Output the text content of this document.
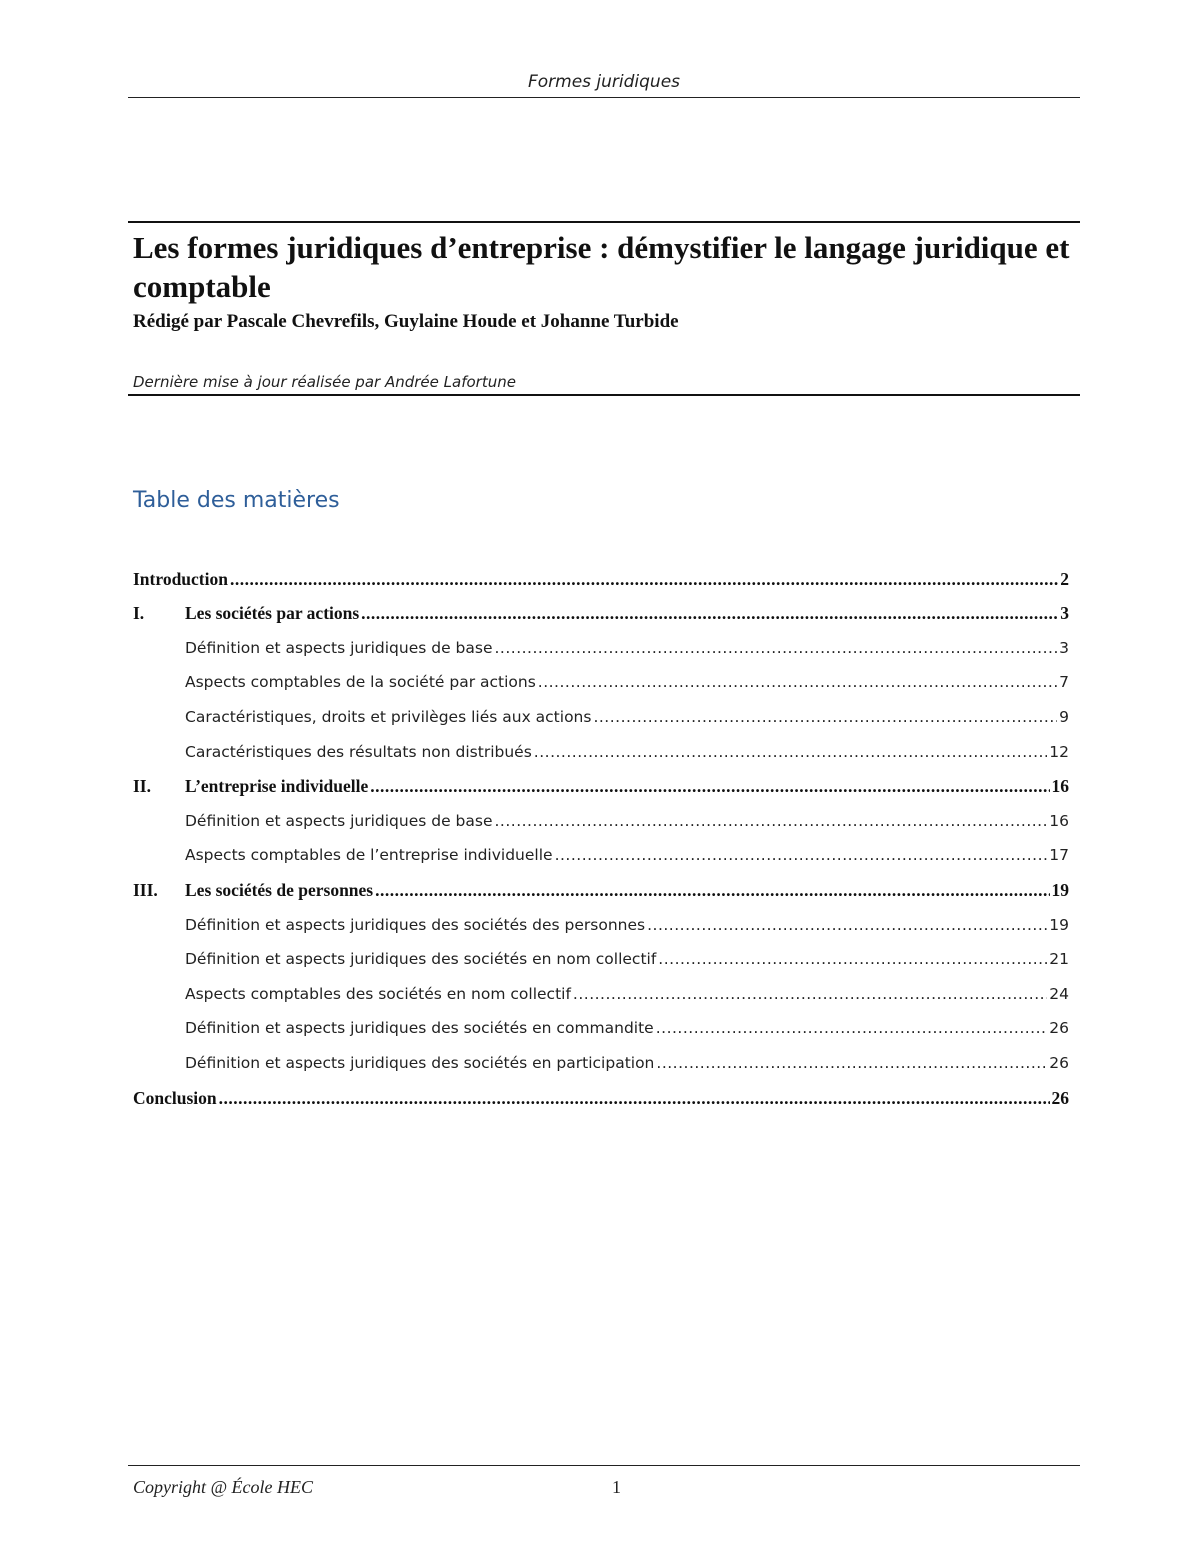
Formes juridiques
Les formes juridiques d’entreprise : démystifier le langage juridique et comptable
Rédigé par Pascale Chevrefils, Guylaine Houde et Johanne Turbide
Dernière mise à jour réalisée par Andrée Lafortune
Table des matières
Introduction .....	2
I.	Les sociétés par actions .....	3
Définition et aspects juridiques de base .....	3
Aspects comptables de la société par actions .....	7
Caractéristiques, droits et privilèges liés aux actions .....	9
Caractéristiques des résultats non distribués .....	12
II.	L’entreprise individuelle .....	16
Définition et aspects juridiques de base .....	16
Aspects comptables de l’entreprise individuelle .....	17
III.	Les sociétés de personnes .....	19
Définition et aspects juridiques des sociétés des personnes .....	19
Définition et aspects juridiques des sociétés en nom collectif .....	21
Aspects comptables des sociétés en nom collectif .....	24
Définition et aspects juridiques des sociétés en commandite .....	26
Définition et aspects juridiques des sociétés en participation .....	26
Conclusion .....	26
Copyright @ École HEC	1
